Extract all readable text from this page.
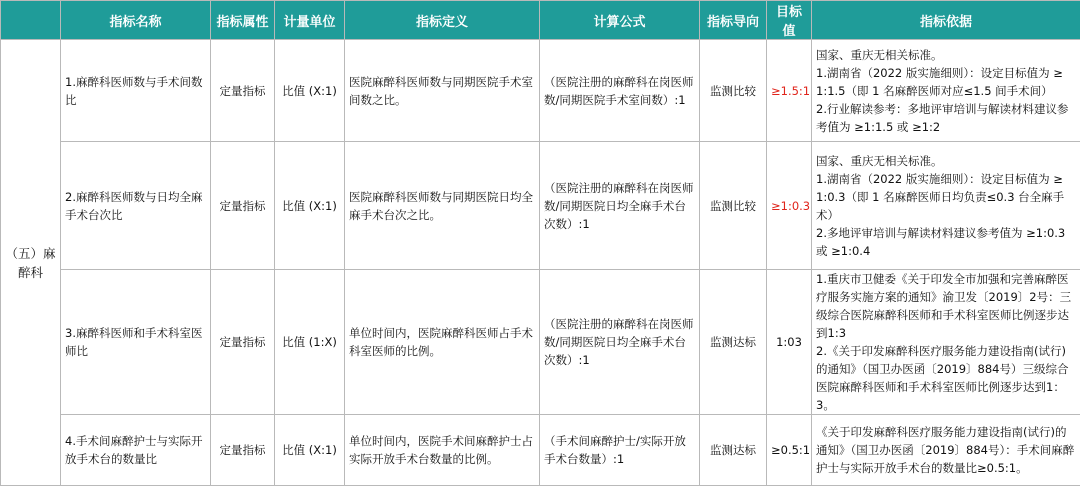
	指标名称	指标属性	计量单位	指标定义	计算公式	指标导向	目标值	指标依据
（五）麻醉科	1.麻醉科医师数与手术间数比	定量指标	比值 (X:1)	医院麻醉科医师数与同期医院手术室间数之比。	（医院注册的麻醉科在岗医师数/同期医院手术室间数）:1	监测比较	≥1.5:1	国家、重庆无相关标准。
1.湖南省（2022 版实施细则）：设定目标值为 ≥ 1:1.5（即 1 名麻醉医师对应≤1.5 间手术间）
2.行业解读参考：多地评审培训与解读材料建议参考值为 ≥1:1.5 或 ≥1:2

	2.麻醉科医师数与日均全麻手术台次比	定量指标	比值 (X:1)	医院麻醉科医师数与同期医院日均全麻手术台次之比。	（医院注册的麻醉科在岗医师数/同期医院日均全麻手术台次数）:1	监测比较	≥1:0.3	国家、重庆无相关标准。
1.湖南省（2022 版实施细则）：设定目标值为 ≥ 1:0.3（即 1 名麻醉医师日均负责≤0.3 台全麻手术）
2.多地评审培训与解读材料建议参考值为 ≥1:0.3 或 ≥1:0.4

	3.麻醉科医师和手术科室医师比	定量指标	比值 (1:X)	单位时间内，医院麻醉科医师占手术科室医师的比例。	（医院注册的麻醉科在岗医师数/同期医院日均全麻手术台次数）:1	监测达标	1:03	1.重庆市卫健委《关于印发全市加强和完善麻醉医疗服务实施方案的通知》渝卫发〔2019〕2号：三级综合医院麻醉科医师和手术科室医师比例逐步达到1:3
2.《关于印发麻醉科医疗服务能力建设指南(试行)的通知》（国卫办医函〔2019〕884号）三级综合医院麻醉科医师和手术科室医师比例逐步达到1：3。

	4.手术间麻醉护士与实际开放手术台的数量比	定量指标	比值 (X:1)	单位时间内，医院手术间麻醉护士占实际开放手术台数量的比例。	（手术间麻醉护士/实际开放手术台数量）:1	监测达标	≥0.5:1	《关于印发麻醉科医疗服务能力建设指南(试行)的通知》（国卫办医函〔2019〕884号）：手术间麻醉护士与实际开放手术台的数量比≥0.5:1。
